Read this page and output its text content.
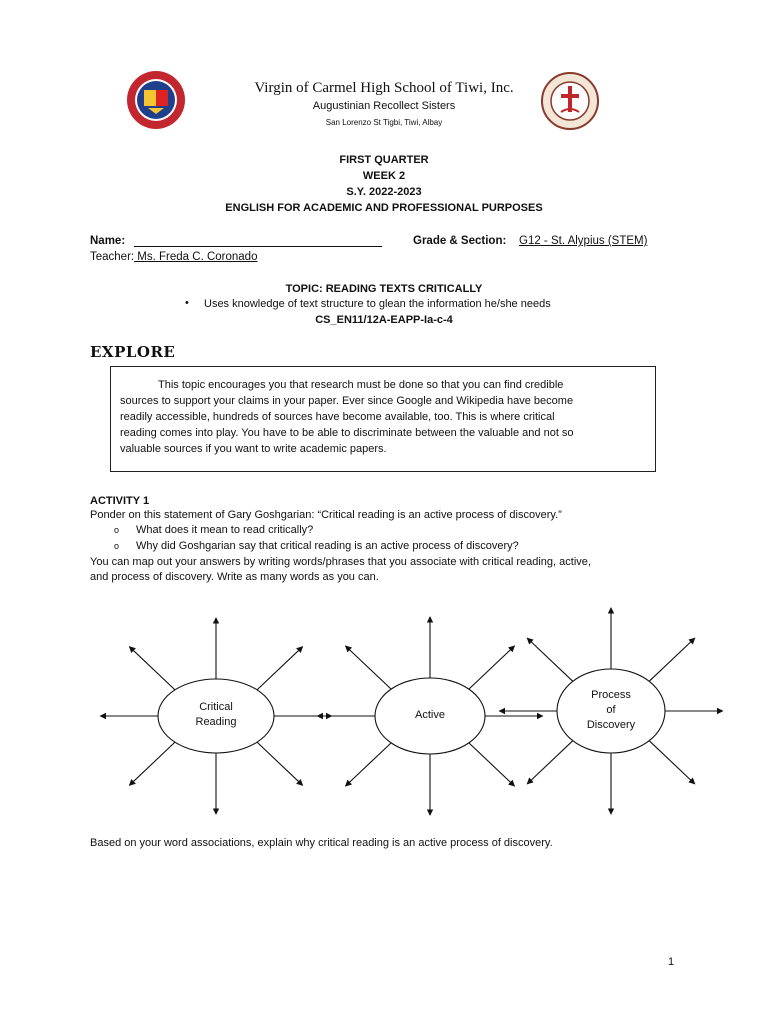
Virgin of Carmel High School of Tiwi, Inc.
Augustinian Recollect Sisters
San Lorenzo St Tigbi, Tiwi, Albay
FIRST QUARTER
WEEK 2
S.Y. 2022-2023
ENGLISH FOR ACADEMIC AND PROFESSIONAL PURPOSES
Name:	Grade & Section: G12 - St. Alypius (STEM)
Teacher: Ms. Freda C. Coronado
TOPIC: READING TEXTS CRITICALLY
• Uses knowledge of text structure to glean the information he/she needs
CS_EN11/12A-EAPP-Ia-c-4
EXPLORE
This topic encourages you that research must be done so that you can find credible
sources to support your claims in your paper. Ever since Google and Wikipedia have become
readily accessible, hundreds of sources have become available, too. This is where critical
reading comes into play. You have to be able to discriminate between the valuable and not so
valuable sources if you want to write academic papers.
ACTIVITY 1
Ponder on this statement of Gary Goshgarian: “Critical reading is an active process of discovery.”
o What does it mean to read critically?
o Why did Goshgarian say that critical reading is an active process of discovery?
You can map out your answers by writing words/phrases that you associate with critical reading, active,
and process of discovery. Write as many words as you can.
Critical
Reading
Active
Process
of
Discovery
Based on your word associations, explain why critical reading is an active process of discovery.
1
